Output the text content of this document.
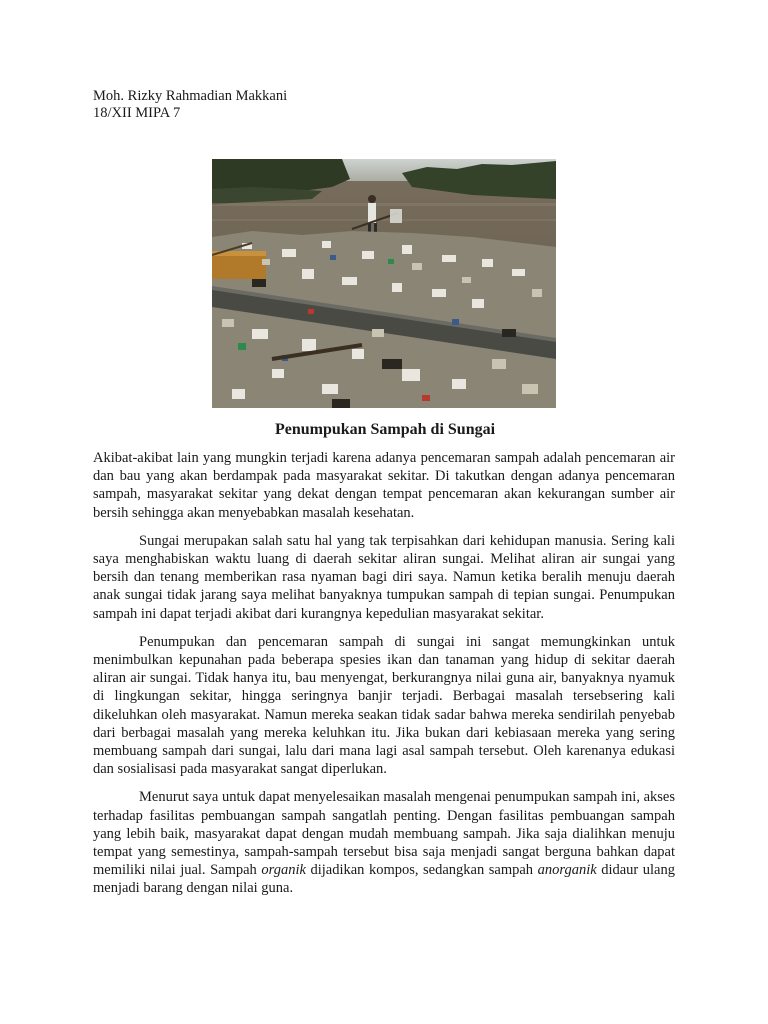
Moh. Rizky Rahmadian Makkani
18/XII MIPA 7
Penumpukan Sampah di Sungai

Akibat-akibat lain yang mungkin terjadi karena adanya pencemaran sampah adalah pencemaran air dan bau yang akan berdampak pada masyarakat sekitar. Di takutkan dengan adanya pencemaran sampah, masyarakat sekitar yang dekat dengan tempat pencemaran akan kekurangan sumber air bersih sehingga akan menyebabkan masalah kesehatan.

Sungai merupakan salah satu hal yang tak terpisahkan dari kehidupan manusia. Sering kali saya menghabiskan waktu luang di daerah sekitar aliran sungai. Melihat aliran air sungai yang bersih dan tenang memberikan rasa nyaman bagi diri saya. Namun ketika beralih menuju daerah anak sungai tidak jarang saya melihat banyaknya tumpukan sampah di tepian sungai. Penumpukan sampah ini dapat terjadi akibat dari kurangnya kepedulian masyarakat sekitar.

Penumpukan dan pencemaran sampah di sungai ini sangat memungkinkan untuk menimbulkan kepunahan pada beberapa spesies ikan dan tanaman yang hidup di sekitar daerah aliran air sungai. Tidak hanya itu, bau menyengat, berkurangnya nilai guna air, banyaknya nyamuk di lingkungan sekitar, hingga seringnya banjir terjadi. Berbagai masalah tersebsering kali dikeluhkan oleh masyarakat. Namun mereka seakan tidak sadar bahwa mereka sendirilah penyebab dari berbagai masalah yang mereka keluhkan itu. Jika bukan dari kebiasaan mereka yang sering membuang sampah dari sungai, lalu dari mana lagi asal sampah tersebut. Oleh karenanya edukasi dan sosialisasi pada masyarakat sangat diperlukan.

Menurut saya untuk dapat menyelesaikan masalah mengenai penumpukan sampah ini, akses terhadap fasilitas pembuangan sampah sangatlah penting. Dengan fasilitas pembuangan sampah yang lebih baik, masyarakat dapat dengan mudah membuang sampah. Jika saja dialihkan menuju tempat yang semestinya, sampah-sampah tersebut bisa saja menjadi sangat berguna bahkan dapat memiliki nilai jual. Sampah organik dijadikan kompos, sedangkan sampah anorganik didaur ulang menjadi barang dengan nilai guna.
